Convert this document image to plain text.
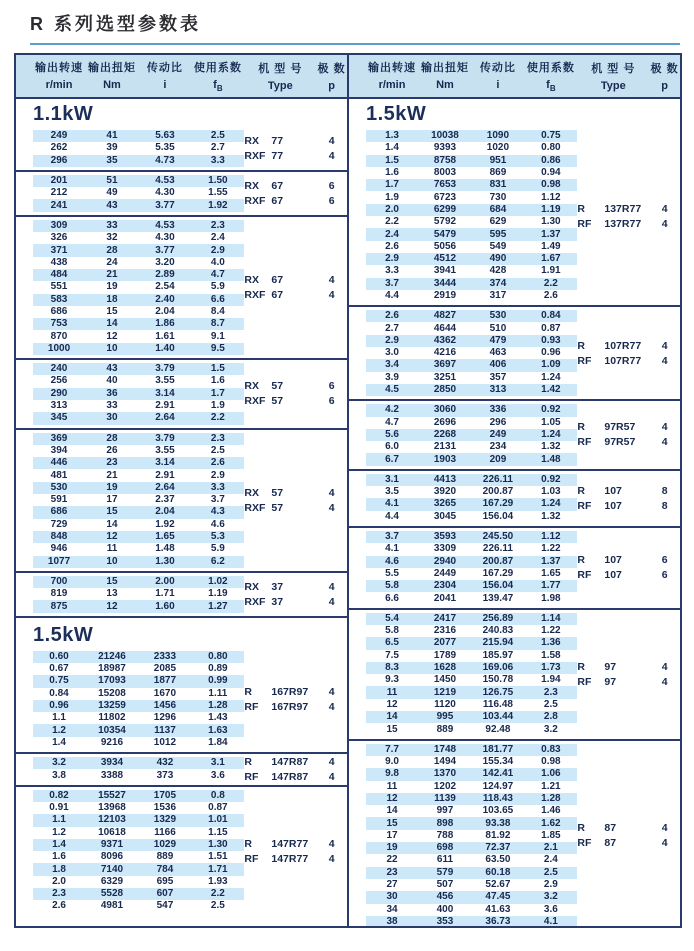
R 系列选型参数表
输出转速
r/min
输出扭矩
Nm
传动比
i
使用系数
$f_B$
机 型 号
Type
极 数
p
1.1kW
249	41	5.63	2.5
262	39	5.35	2.7
296	35	4.73	3.3
RX	77	4
RXF 77	4
201	51	4.53	1.50
212	49	4.30	1.55
241	43	3.77	1.92
RX	67	6
RXF 67	6
309	33	4.53	2.3
326	32	4.30	2.4
371	28	3.77	2.9
438	24	3.20	4.0
484	21	2.89	4.7
551	19	2.54	5.9
583	18	2.40	6.6
686	15	2.04	8.4
753	14	1.86	8.7
870	12	1.61	9.1
1000	10	1.40	9.5
RX	67	4
RXF 67	4
240	43	3.79	1.5
256	40	3.55	1.6
290	36	3.14	1.7
313	33	2.91	1.9
345	30	2.64	2.2
RX	57	6
RXF 57	6
369	28	3.79	2.3
394	26	3.55	2.5
446	23	3.14	2.6
481	21	2.91	2.9
530	19	2.64	3.3
591	17	2.37	3.7
686	15	2.04	4.3
729	14	1.92	4.6
848	12	1.65	5.3
946	11	1.48	5.9
1077	10	1.30	6.2
RX	57	4
RXF 57	4
700	15	2.00	1.02
819	13	1.71	1.19
875	12	1.60	1.27
RX	37	4
RXF 37	4
1.5kW
0.60	21246	2333	0.80
0.67	18987	2085	0.89
0.75	17093	1877	0.99
0.84	15208	1670	1.11
0.96	13259	1456	1.28
1.1	11802	1296	1.43
1.2	10354	1137	1.63
1.4	9216	1012	1.84
R	167R97	4
RF	167R97	4
3.2	3934	432	3.1
3.8	3388	373	3.6
R	147R87	4
RF	147R87	4
0.82	15527	1705	0.8
0.91	13968	1536	0.87
1.1	12103	1329	1.01
1.2	10618	1166	1.15
1.4	9371	1029	1.30
1.6	8096	889	1.51
1.8	7140	784	1.71
2.0	6329	695	1.93
2.3	5528	607	2.2
2.6	4981	547	2.5
R	147R77	4
RF	147R77	4
输出转速
r/min
输出扭矩
Nm
传动比
i
使用系数
$f_B$
机 型 号
Type
极 数
p
1.5kW
1.3	10038	1090	0.75
1.4	9393	1020	0.80
1.5	8758	951	0.86
1.6	8003	869	0.94
1.7	7653	831	0.98
1.9	6723	730	1.12
2.0	6299	684	1.19
2.2	5792	629	1.30
2.4	5479	595	1.37
2.6	5056	549	1.49
2.9	4512	490	1.67
3.3	3941	428	1.91
3.7	3444	374	2.2
4.4	2919	317	2.6
R	137R77	4
RF	137R77	4
2.6	4827	530	0.84
2.7	4644	510	0.87
2.9	4362	479	0.93
3.0	4216	463	0.96
3.4	3697	406	1.09
3.9	3251	357	1.24
4.5	2850	313	1.42
R	107R77	4
RF	107R77	4
4.2	3060	336	0.92
4.7	2696	296	1.05
5.6	2268	249	1.24
6.0	2131	234	1.32
6.7	1903	209	1.48
R	97R57	4
RF	97R57	4
3.1	4413	226.11	0.92
3.5	3920	200.87	1.03
4.1	3265	167.29	1.24
4.4	3045	156.04	1.32
R	107	8
RF	107	8
3.7	3593	245.50	1.12
4.1	3309	226.11	1.22
4.6	2940	200.87	1.37
5.5	2449	167.29	1.65
5.8	2304	156.04	1.77
6.6	2041	139.47	1.98
R	107	6
RF	107	6
5.4	2417	256.89	1.14
5.8	2316	240.83	1.22
6.5	2077	215.94	1.36
7.5	1789	185.97	1.58
8.3	1628	169.06	1.73
9.3	1450	150.78	1.94
11	1219	126.75	2.3
12	1120	116.48	2.5
14	995	103.44	2.8
15	889	92.48	3.2
R	97	4
RF	97	4
7.7	1748	181.77	0.83
9.0	1494	155.34	0.98
9.8	1370	142.41	1.06
11	1202	124.97	1.21
12	1139	118.43	1.28
14	997	103.65	1.46
15	898	93.38	1.62
17	788	81.92	1.85
19	698	72.37	2.1
22	611	63.50	2.4
23	579	60.18	2.5
27	507	52.67	2.9
30	456	47.45	3.2
34	400	41.63	3.6
38	353	36.73	4.1
R	87	4
RF	87	4
